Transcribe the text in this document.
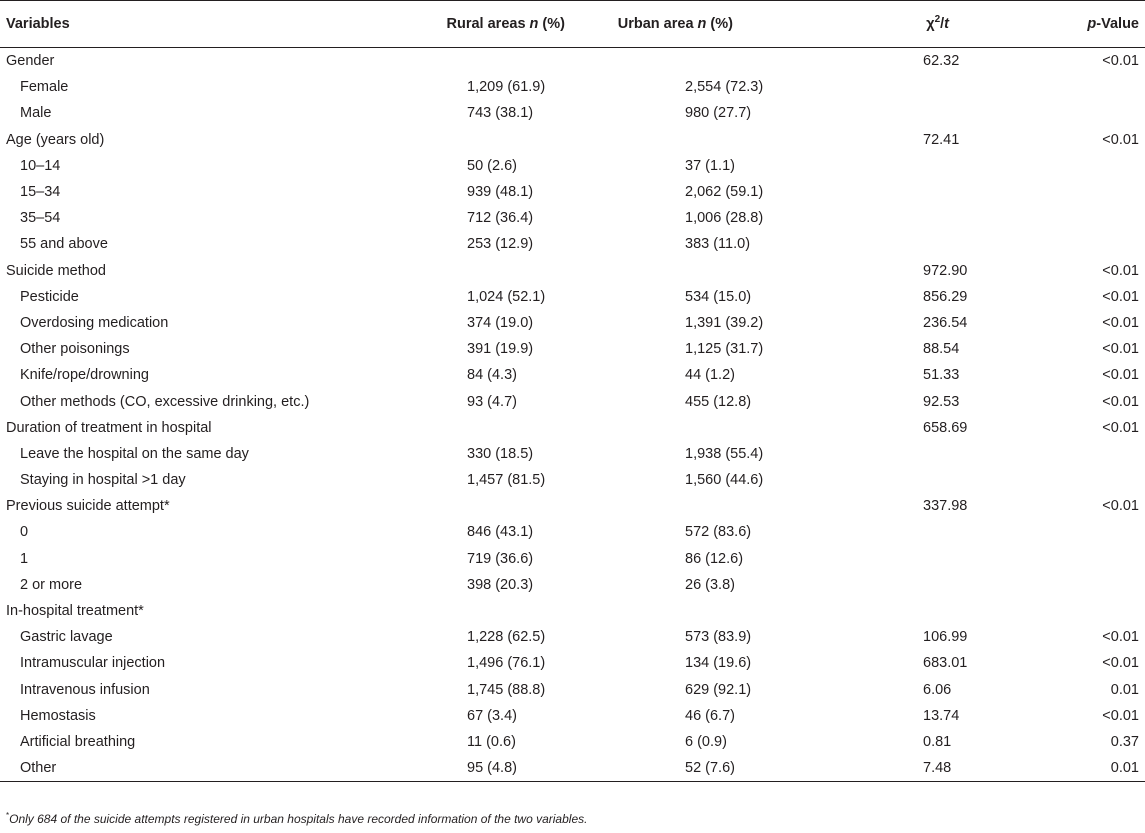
Variables	Rural areas n (%)	Urban area n (%)	$\chi^2/t$	p-Value
Gender			62.32	<0.01
Female	1,209 (61.9)	2,554 (72.3)		
Male	743 (38.1)	980 (27.7)		
Age (years old)			72.41	<0.01
10–14	50 (2.6)	37 (1.1)		
15–34	939 (48.1)	2,062 (59.1)		
35–54	712 (36.4)	1,006 (28.8)		
55 and above	253 (12.9)	383 (11.0)		
Suicide method			972.90	<0.01
Pesticide	1,024 (52.1)	534 (15.0)	856.29	<0.01
Overdosing medication	374 (19.0)	1,391 (39.2)	236.54	<0.01
Other poisonings	391 (19.9)	1,125 (31.7)	88.54	<0.01
Knife/rope/drowning	84 (4.3)	44 (1.2)	51.33	<0.01
Other methods (CO, excessive drinking, etc.)	93 (4.7)	455 (12.8)	92.53	<0.01
Duration of treatment in hospital			658.69	<0.01
Leave the hospital on the same day	330 (18.5)	1,938 (55.4)		
Staying in hospital >1 day	1,457 (81.5)	1,560 (44.6)		
Previous suicide attempt*			337.98	<0.01
0	846 (43.1)	572 (83.6)		
1	719 (36.6)	86 (12.6)		
2 or more	398 (20.3)	26 (3.8)		
In-hospital treatment*				
Gastric lavage	1,228 (62.5)	573 (83.9)	106.99	<0.01
Intramuscular injection	1,496 (76.1)	134 (19.6)	683.01	<0.01
Intravenous infusion	1,745 (88.8)	629 (92.1)	6.06	0.01
Hemostasis	67 (3.4)	46 (6.7)	13.74	<0.01
Artificial breathing	11 (0.6)	6 (0.9)	0.81	0.37
Other	95 (4.8)	52 (7.6)	7.48	0.01
*Only 684 of the suicide attempts registered in urban hospitals have recorded information of the two variables.
